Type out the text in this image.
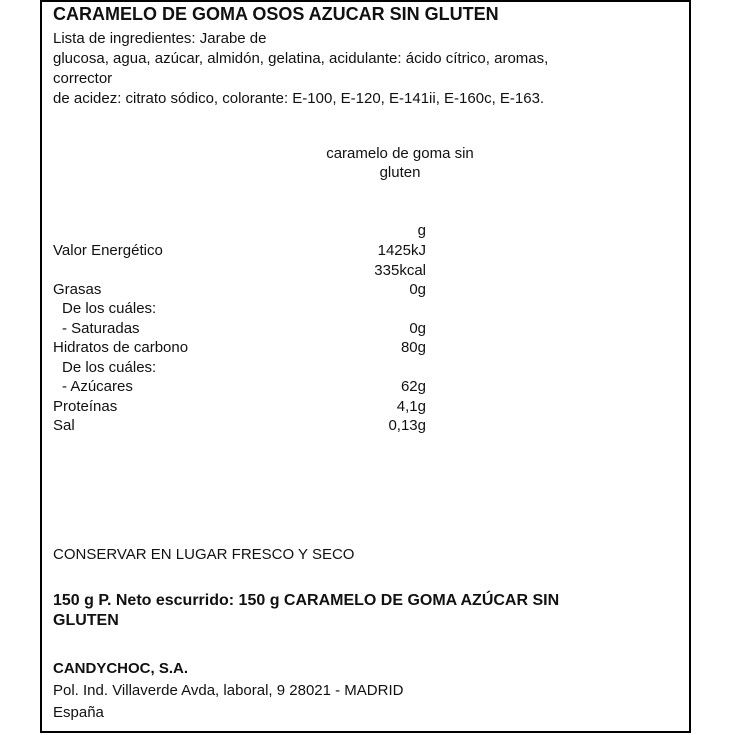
CARAMELO DE GOMA OSOS AZUCAR SIN GLUTEN
Lista de ingredientes: Jarabe de
glucosa, agua, azúcar, almidón, gelatina, acidulante: ácido cítrico, aromas,
corrector
de acidez: citrato sódico, colorante: E-100, E-120, E-141ii, E-160c, E-163.
caramelo de goma sin
gluten
g
Valor Energético	1425kJ
335kcal
Grasas	0g
De los cuáles:
- Saturadas	0g
Hidratos de carbono	80g
De los cuáles:
- Azúcares	62g
Proteínas	4,1g
Sal	0,13g
CONSERVAR EN LUGAR FRESCO Y SECO
150 g P. Neto escurrido: 150 g CARAMELO DE GOMA AZÚCAR SIN
GLUTEN
CANDYCHOC, S.A.
Pol. Ind. Villaverde Avda, laboral, 9 28021 - MADRID
España
